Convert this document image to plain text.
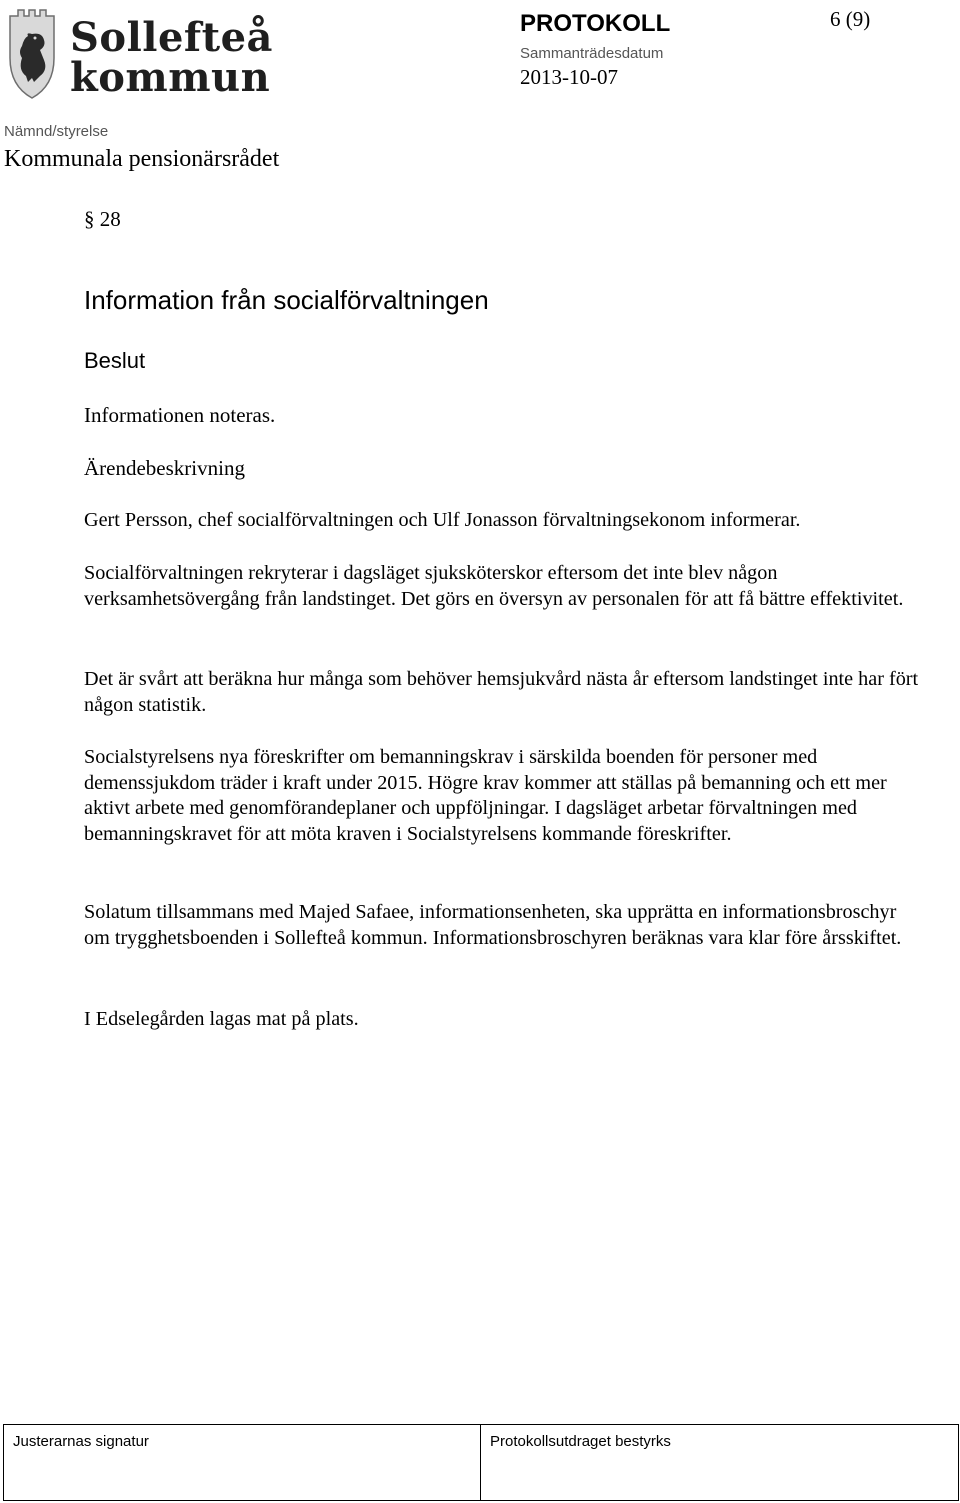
Sollefteå
kommun
PROTOKOLL	6 (9)
Sammanträdesdatum
2013-10-07
Nämnd/styrelse
Kommunala pensionärsrådet
§ 28
Information från socialförvaltningen
Beslut
Informationen noteras.
Ärendebeskrivning
Gert Persson, chef socialförvaltningen och Ulf Jonasson förvaltningsekonom informerar.
Socialförvaltningen rekryterar i dagsläget sjuksköterskor eftersom det inte blev någon verksamhetsövergång från landstinget. Det görs en översyn av personalen för att få bättre effektivitet.
Det är svårt att beräkna hur många som behöver hemsjukvård nästa år eftersom landstinget inte har fört någon statistik.
Socialstyrelsens nya föreskrifter om bemanningskrav i särskilda boenden för personer med demenssjukdom träder i kraft under 2015. Högre krav kommer att ställas på bemanning och ett mer aktivt arbete med genomförandeplaner och uppföljningar. I dagsläget arbetar förvaltningen med bemanningskravet för att möta kraven i Socialstyrelsens kommande föreskrifter.
Solatum tillsammans med Majed Safaee, informationsenheten, ska upprätta en informationsbroschyr om trygghetsboenden i Sollefteå kommun. Informationsbroschyren beräknas vara klar före årsskiftet.
I Edselegården lagas mat på plats.
Justerarnas signatur	Protokollsutdraget bestyrks
